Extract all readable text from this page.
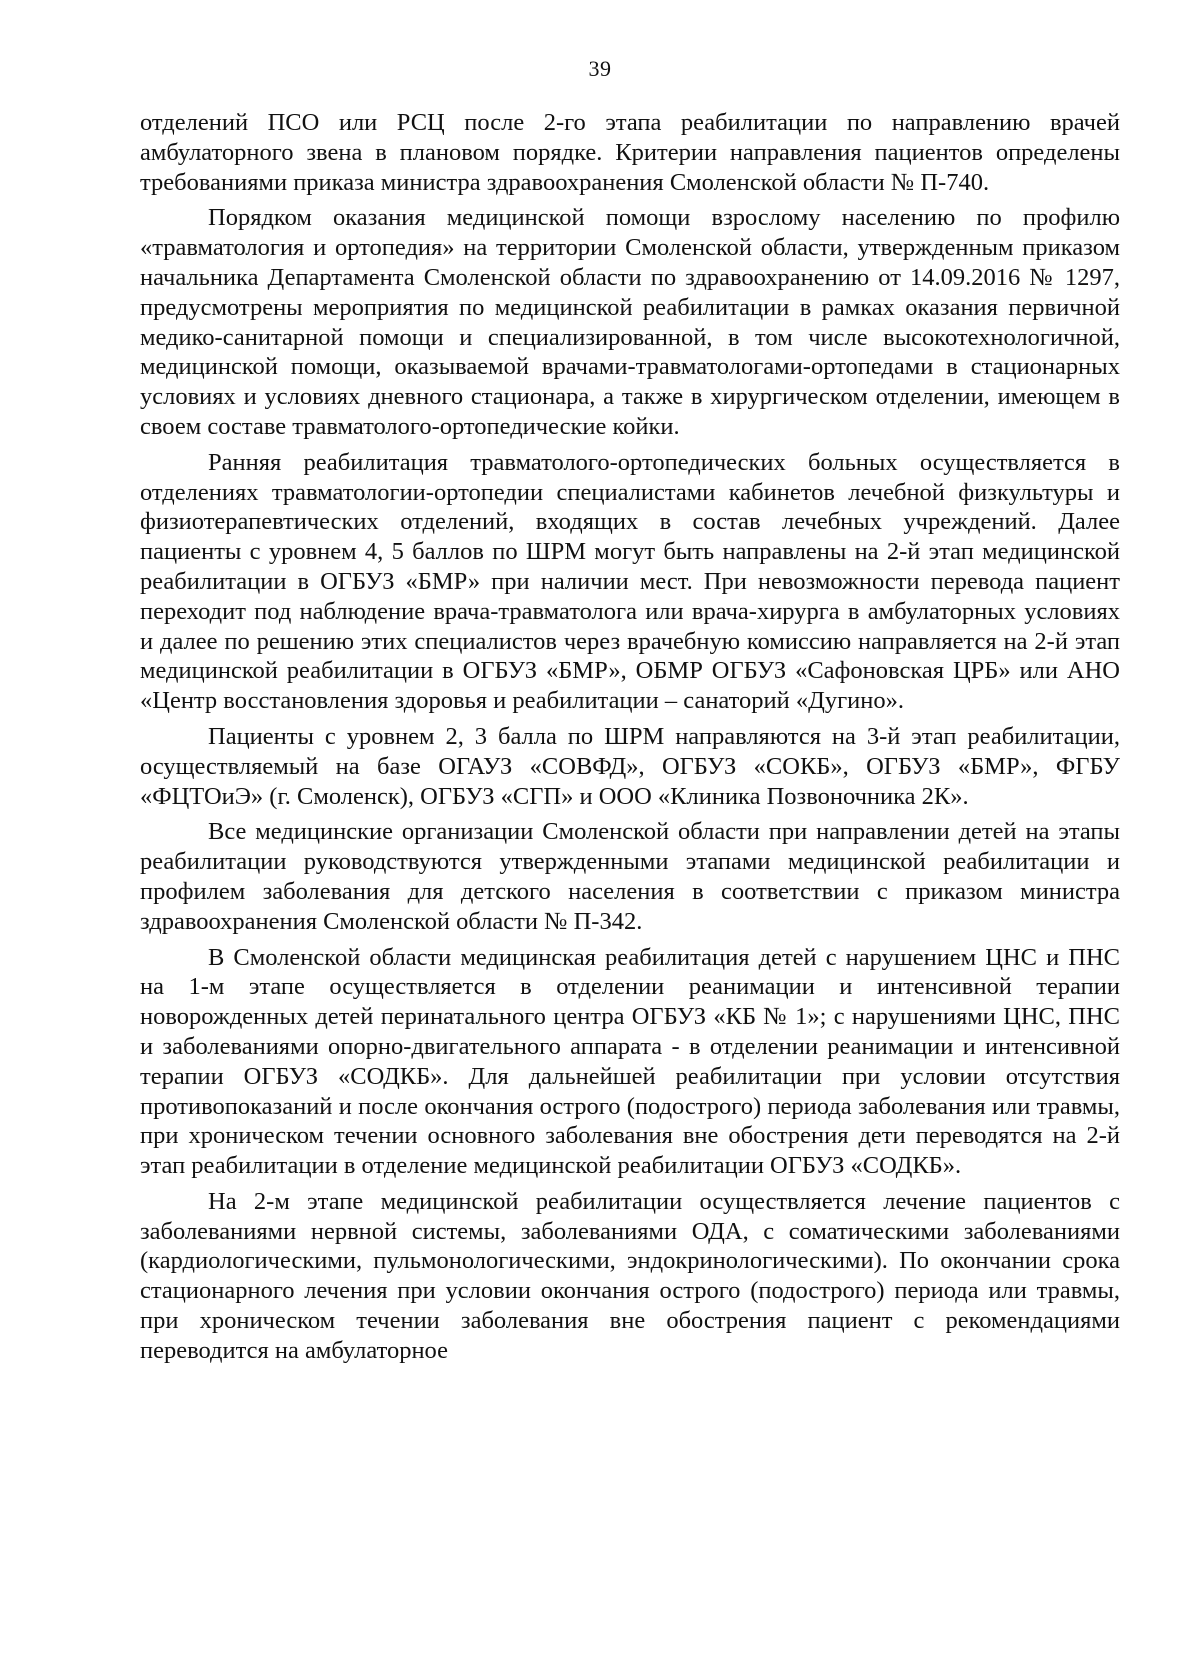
39

отделений ПСО или РСЦ после 2-го этапа реабилитации по направлению врачей амбулаторного звена в плановом порядке. Критерии направления пациентов определены требованиями приказа министра здравоохранения Смоленской области № П-740.

Порядком оказания медицинской помощи взрослому населению по профилю «травматология и ортопедия» на территории Смоленской области, утвержденным приказом начальника Департамента Смоленской области по здравоохранению от 14.09.2016 № 1297, предусмотрены мероприятия по медицинской реабилитации в рамках оказания первичной медико-санитарной помощи и специализированной, в том числе высокотехнологичной, медицинской помощи, оказываемой врачами-травматологами-ортопедами в стационарных условиях и условиях дневного стационара, а также в хирургическом отделении, имеющем в своем составе травматолого-ортопедические койки.

Ранняя реабилитация травматолого-ортопедических больных осуществляется в отделениях травматологии-ортопедии специалистами кабинетов лечебной физкультуры и физиотерапевтических отделений, входящих в состав лечебных учреждений. Далее пациенты с уровнем 4, 5 баллов по ШРМ могут быть направлены на 2-й этап медицинской реабилитации в ОГБУЗ «БМР» при наличии мест. При невозможности перевода пациент переходит под наблюдение врача-травматолога или врача-хирурга в амбулаторных условиях и далее по решению этих специалистов через врачебную комиссию направляется на 2-й этап медицинской реабилитации в ОГБУЗ «БМР», ОБМР ОГБУЗ «Сафоновская ЦРБ» или АНО «Центр восстановления здоровья и реабилитации – санаторий «Дугино».

Пациенты с уровнем 2, 3 балла по ШРМ направляются на 3-й этап реабилитации, осуществляемый на базе ОГАУЗ «СОВФД», ОГБУЗ «СОКБ», ОГБУЗ «БМР», ФГБУ «ФЦТОиЭ» (г. Смоленск), ОГБУЗ «СГП» и ООО «Клиника Позвоночника 2К».

Все медицинские организации Смоленской области при направлении детей на этапы реабилитации руководствуются утвержденными этапами медицинской реабилитации и профилем заболевания для детского населения в соответствии с приказом министра здравоохранения Смоленской области № П-342.

В Смоленской области медицинская реабилитация детей с нарушением ЦНС и ПНС на 1-м этапе осуществляется в отделении реанимации и интенсивной терапии новорожденных детей перинатального центра ОГБУЗ «КБ № 1»; с нарушениями ЦНС, ПНС и заболеваниями опорно-двигательного аппарата - в отделении реанимации и интенсивной терапии ОГБУЗ «СОДКБ». Для дальнейшей реабилитации при условии отсутствия противопоказаний и после окончания острого (подострого) периода заболевания или травмы, при хроническом течении основного заболевания вне обострения дети переводятся на 2-й этап реабилитации в отделение медицинской реабилитации ОГБУЗ «СОДКБ».

На 2-м этапе медицинской реабилитации осуществляется лечение пациентов с заболеваниями нервной системы, заболеваниями ОДА, с соматическими заболеваниями (кардиологическими, пульмонологическими, эндокринологическими). По окончании срока стационарного лечения при условии окончания острого (подострого) периода или травмы, при хроническом течении заболевания вне обострения пациент с рекомендациями переводится на амбулаторное
